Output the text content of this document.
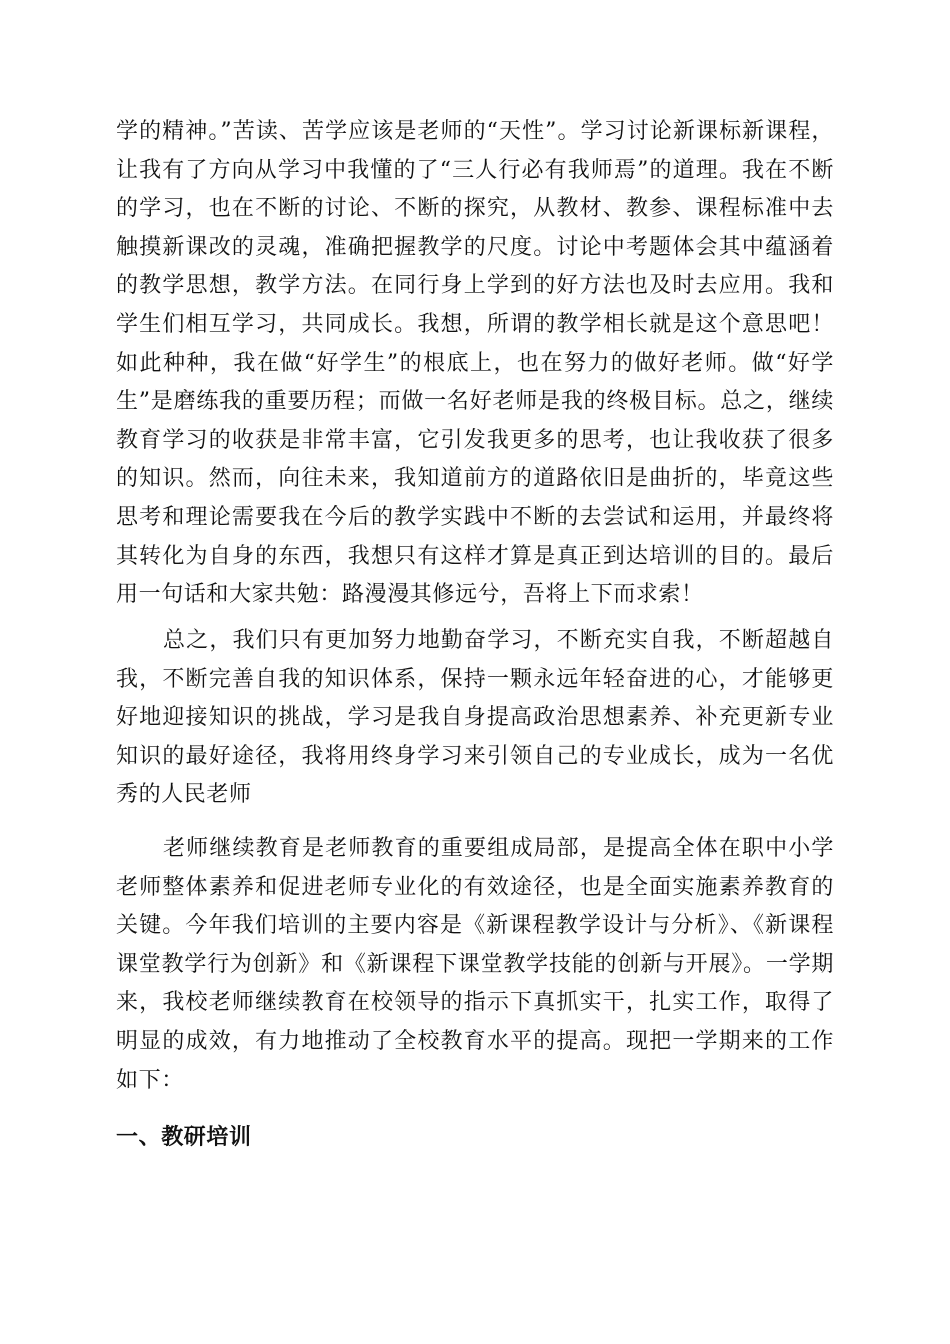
学的精神。”苦读、苦学应该是老师的“天性”。学习讨论新课标新课程，让我有了方向从学习中我懂的了“三人行必有我师焉”的道理。我在不断的学习，也在不断的讨论、不断的探究，从教材、教参、课程标准中去触摸新课改的灵魂，准确把握教学的尺度。讨论中考题体会其中蕴涵着的教学思想，教学方法。在同行身上学到的好方法也及时去应用。我和学生们相互学习，共同成长。我想，所谓的教学相长就是这个意思吧！如此种种，我在做“好学生”的根底上，也在努力的做好老师。做“好学生”是磨练我的重要历程；而做一名好老师是我的终极目标。总之，继续教育学习的收获是非常丰富，它引发我更多的思考，也让我收获了很多的知识。然而，向往未来，我知道前方的道路依旧是曲折的，毕竟这些思考和理论需要我在今后的教学实践中不断的去尝试和运用，并最终将其转化为自身的东西，我想只有这样才算是真正到达培训的目的。最后用一句话和大家共勉：路漫漫其修远兮，吾将上下而求索！

总之，我们只有更加努力地勤奋学习，不断充实自我，不断超越自我，不断完善自我的知识体系，保持一颗永远年轻奋进的心，才能够更好地迎接知识的挑战，学习是我自身提高政治思想素养、补充更新专业知识的最好途径，我将用终身学习来引领自己的专业成长，成为一名优秀的人民老师

老师继续教育是老师教育的重要组成局部，是提高全体在职中小学老师整体素养和促进老师专业化的有效途径，也是全面实施素养教育的关键。今年我们培训的主要内容是《新课程教学设计与分析》、《新课程课堂教学行为创新》和《新课程下课堂教学技能的创新与开展》。一学期来，我校老师继续教育在校领导的指示下真抓实干，扎实工作，取得了明显的成效，有力地推动了全校教育水平的提高。现把一学期来的工作如下：

一、教研培训
